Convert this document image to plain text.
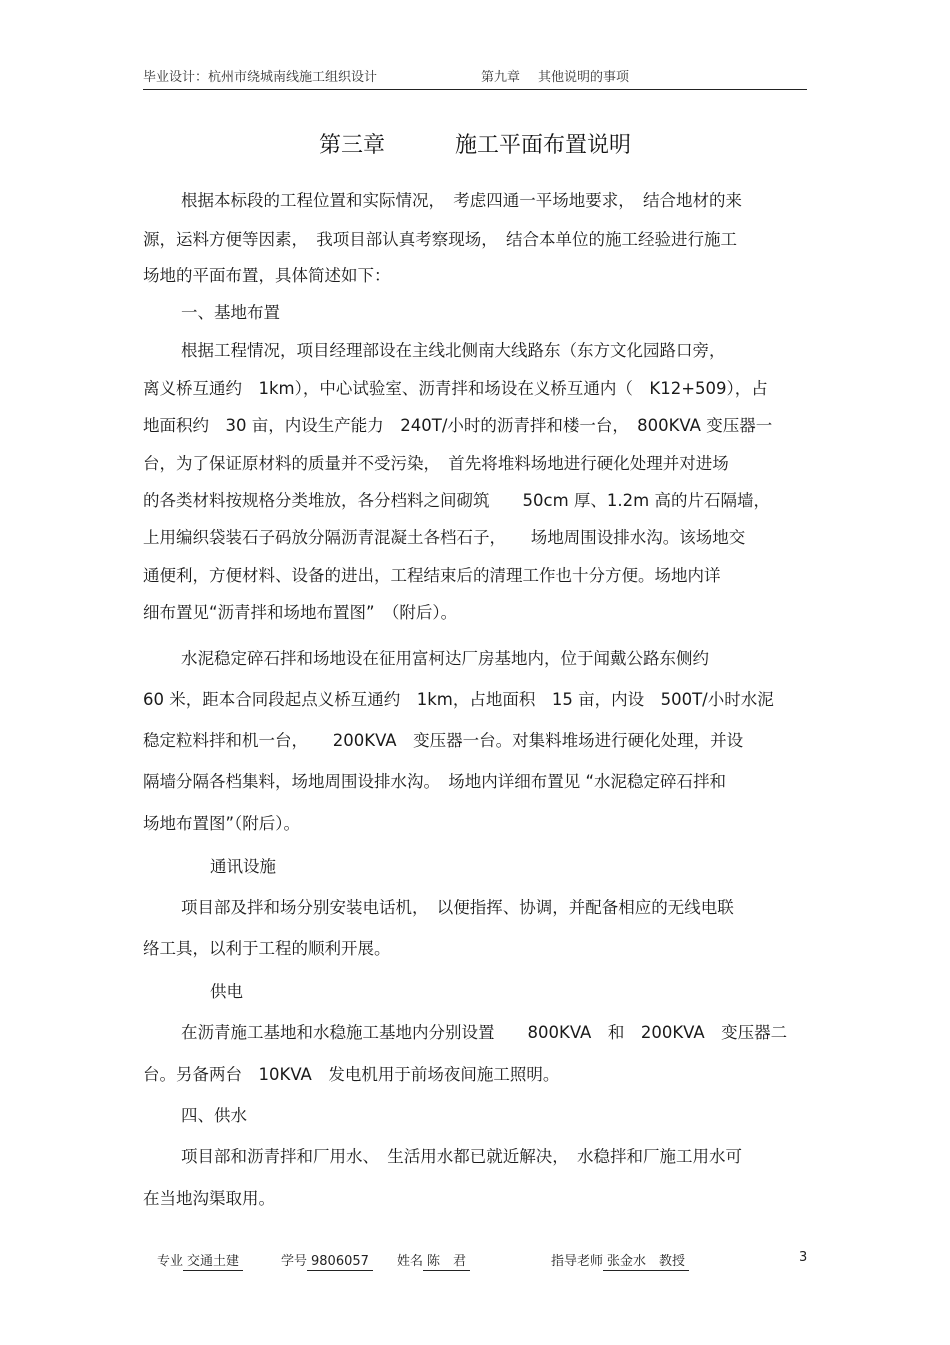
毕业设计：杭州市绕城南线施工组织设计	第九章 其他说明的事项
第三章	施工平面布置说明
根据本标段的工程位置和实际情况，　考虑四通一平场地要求，　结合地材的来
源，运料方便等因素，　我项目部认真考察现场，　结合本单位的施工经验进行施工
场地的平面布置，具体简述如下：
一、基地布置
根据工程情况，项目经理部设在主线北侧南大线路东（东方文化园路口旁，
离义桥互通约　1km），中心试验室、沥青拌和场设在义桥互通内（　K12+509），占
地面积约　30 亩，内设生产能力　240T/小时的沥青拌和楼一台，　800KVA 变压器一
台，为了保证原材料的质量并不受污染，　首先将堆料场地进行硬化处理并对进场
的各类材料按规格分类堆放，各分档料之间砌筑　　50cm 厚、1.2m 高的片石隔墙，
上用编织袋装石子码放分隔沥青混凝土各档石子，　　场地周围设排水沟。该场地交
通便利，方便材料、设备的进出，工程结束后的清理工作也十分方便。场地内详
细布置见“沥青拌和场地布置图”　（附后）。
水泥稳定碎石拌和场地设在征用富柯达厂房基地内，位于闻戴公路东侧约
60 米，距本合同段起点义桥互通约　1km，占地面积　15 亩，内设　500T/小时水泥
稳定粒料拌和机一台，　　200KVA　变压器一台。对集料堆场进行硬化处理，并设
隔墙分隔各档集料，场地周围设排水沟。　场地内详细布置见 “水泥稳定碎石拌和
场地布置图”（附后）。
通讯设施
项目部及拌和场分别安装电话机，　以便指挥、协调，并配备相应的无线电联
络工具，以利于工程的顺利开展。
供电
在沥青施工基地和水稳施工基地内分别设置　　800KVA　和　200KVA　变压器二
台。另备两台　10KVA　发电机用于前场夜间施工照明。
四、供水
项目部和沥青拌和厂用水、　生活用水都已就近解决，　水稳拌和厂施工用水可
在当地沟渠取用。
专业 交通土建	学号 9806057	姓名 陈　君	指导老师 张金水　教授	3
